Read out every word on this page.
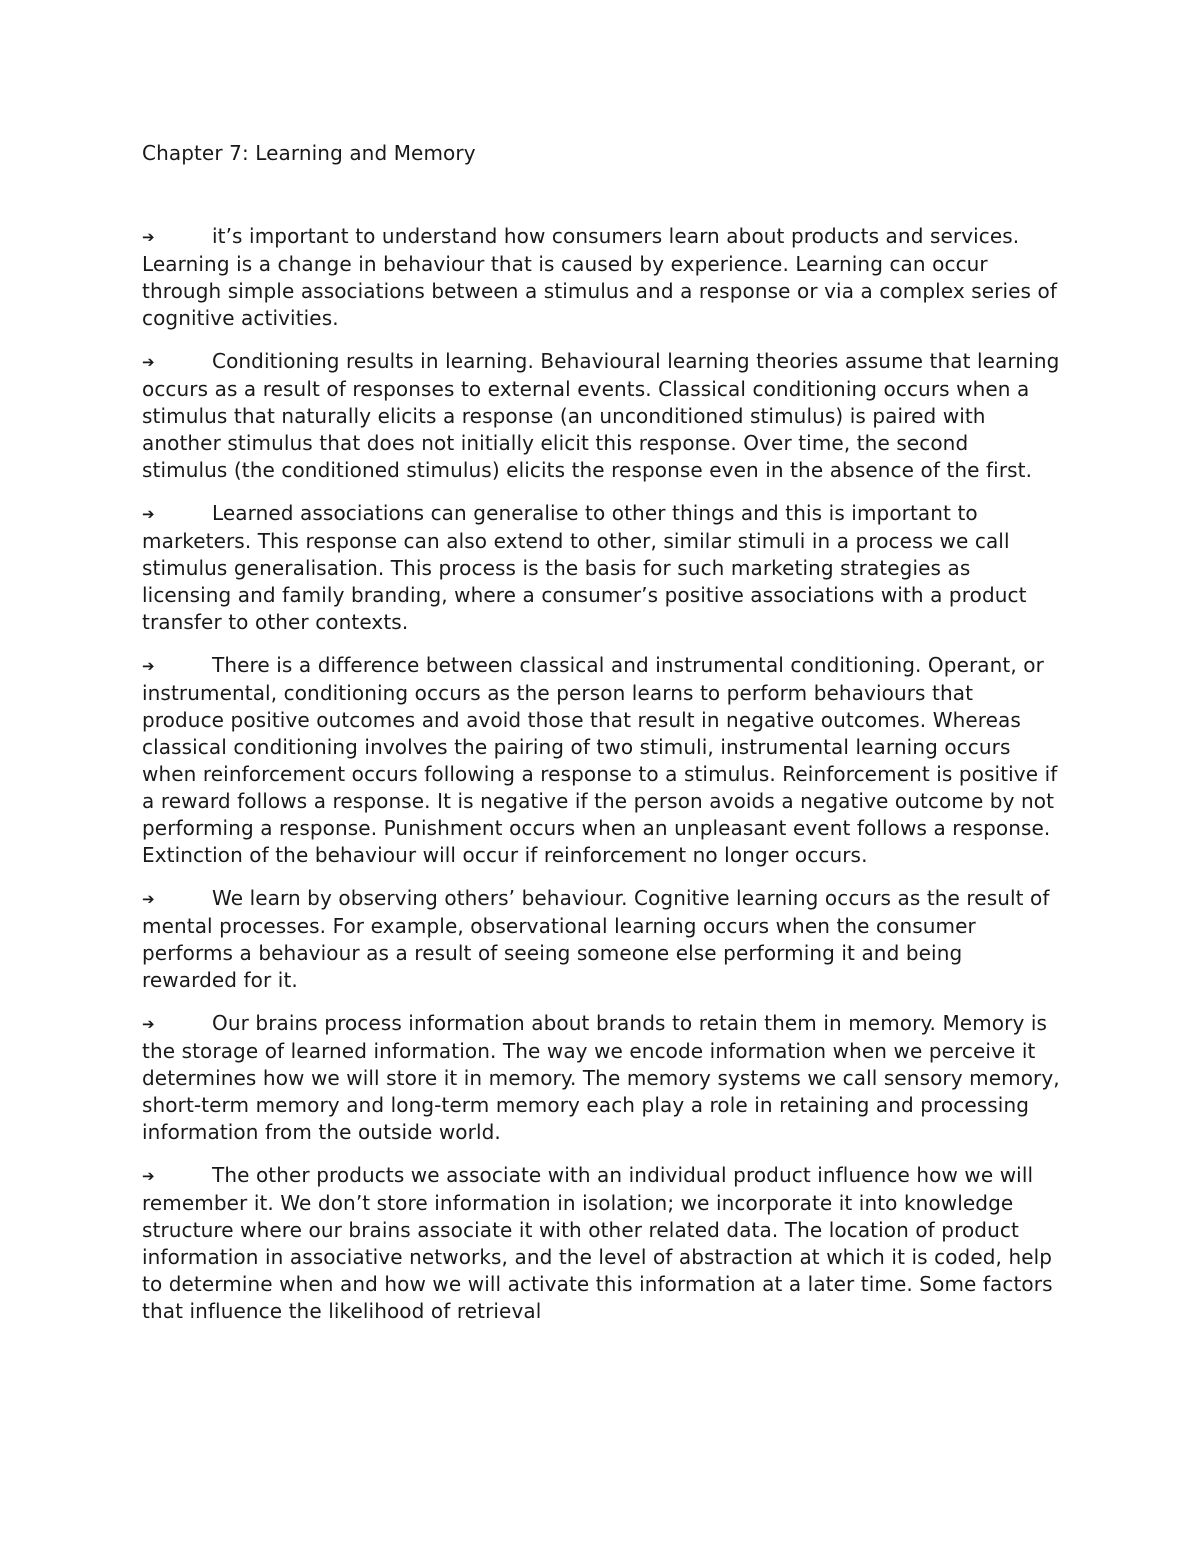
Chapter 7: Learning and Memory

➔	it’s important to understand how consumers learn about products and services. Learning is a change in behaviour that is caused by experience. Learning can occur through simple associations between a stimulus and a response or via a complex series of cognitive activities.

➔	Conditioning results in learning. Behavioural learning theories assume that learning occurs as a result of responses to external events. Classical conditioning occurs when a stimulus that naturally elicits a response (an unconditioned stimulus) is paired with another stimulus that does not initially elicit this response. Over time, the second stimulus (the conditioned stimulus) elicits the response even in the absence of the first.

➔	Learned associations can generalise to other things and this is important to marketers. This response can also extend to other, similar stimuli in a process we call stimulus generalisation. This process is the basis for such marketing strategies as licensing and family branding, where a consumer’s positive associations with a product transfer to other contexts.

➔	There is a difference between classical and instrumental conditioning. Operant, or instrumental, conditioning occurs as the person learns to perform behaviours that produce positive outcomes and avoid those that result in negative outcomes. Whereas classical conditioning involves the pairing of two stimuli, instrumental learning occurs when reinforcement occurs following a response to a stimulus. Reinforcement is positive if a reward follows a response. It is negative if the person avoids a negative outcome by not performing a response. Punishment occurs when an unpleasant event follows a response. Extinction of the behaviour will occur if reinforcement no longer occurs.

➔	We learn by observing others’ behaviour. Cognitive learning occurs as the result of mental processes. For example, observational learning occurs when the consumer performs a behaviour as a result of seeing someone else performing it and being rewarded for it.

➔	Our brains process information about brands to retain them in memory. Memory is the storage of learned information. The way we encode information when we perceive it determines how we will store it in memory. The memory systems we call sensory memory, short-term memory and long-term memory each play a role in retaining and processing information from the outside world.

➔	The other products we associate with an individual product influence how we will remember it. We don’t store information in isolation; we incorporate it into knowledge structure where our brains associate it with other related data. The location of product information in associative networks, and the level of abstraction at which it is coded, help to determine when and how we will activate this information at a later time. Some factors that influence the likelihood of retrieval
